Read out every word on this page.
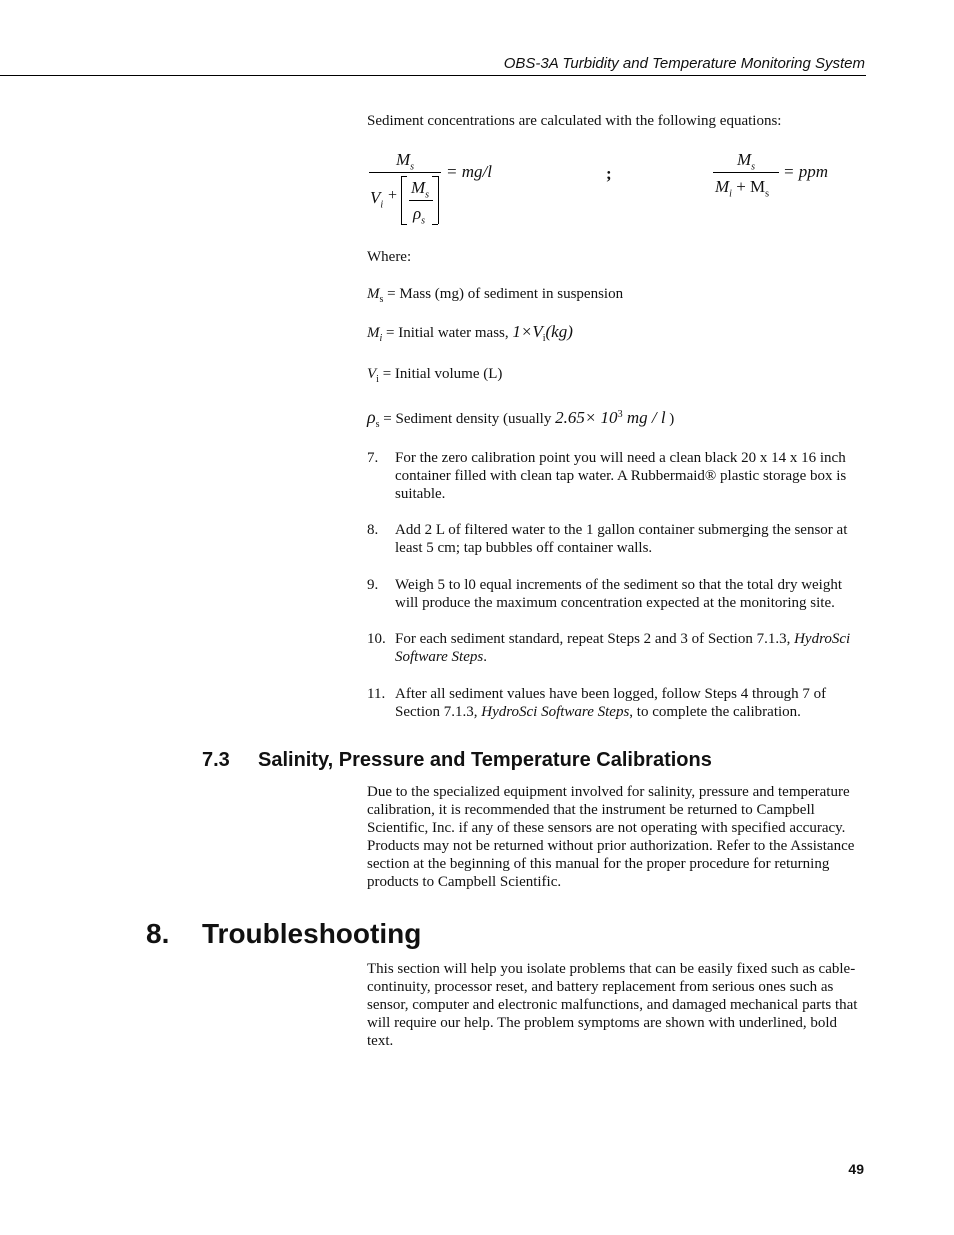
OBS-3A Turbidity and Temperature Monitoring System
Sediment concentrations are calculated with the following equations:
$M_s$
$V_i$
+ $M_s$
$\rho_s$
= mg/l	;
$M_s$
$M_i + M_s$
= ppm
Where:
$M_s$ = Mass (mg) of sediment in suspension
$M_i$ = Initial water mass, $1\times V_i(kg)$
$V_i$ = Initial volume (L)
$\rho_s$ = Sediment density (usually $2.65\times 10^3$ mg / l )
7. For the zero calibration point you will need a clean black 20 x 14 x 16 inch container filled with clean tap water. A Rubbermaid® plastic storage box is suitable.
8. Add 2 L of filtered water to the 1 gallon container submerging the sensor at least 5 cm; tap bubbles off container walls.
9. Weigh 5 to l0 equal increments of the sediment so that the total dry weight will produce the maximum concentration expected at the monitoring site.
10. For each sediment standard, repeat Steps 2 and 3 of Section 7.1.3, HydroSci Software Steps.
11. After all sediment values have been logged, follow Steps 4 through 7 of Section 7.1.3, HydroSci Software Steps, to complete the calibration.
7.3 Salinity, Pressure and Temperature Calibrations
Due to the specialized equipment involved for salinity, pressure and temperature calibration, it is recommended that the instrument be returned to Campbell Scientific, Inc. if any of these sensors are not operating with specified accuracy. Products may not be returned without prior authorization. Refer to the Assistance section at the beginning of this manual for the proper procedure for returning products to Campbell Scientific.
8. Troubleshooting
This section will help you isolate problems that can be easily fixed such as cable-continuity, processor reset, and battery replacement from serious ones such as sensor, computer and electronic malfunctions, and damaged mechanical parts that will require our help. The problem symptoms are shown with underlined, bold text.
49
